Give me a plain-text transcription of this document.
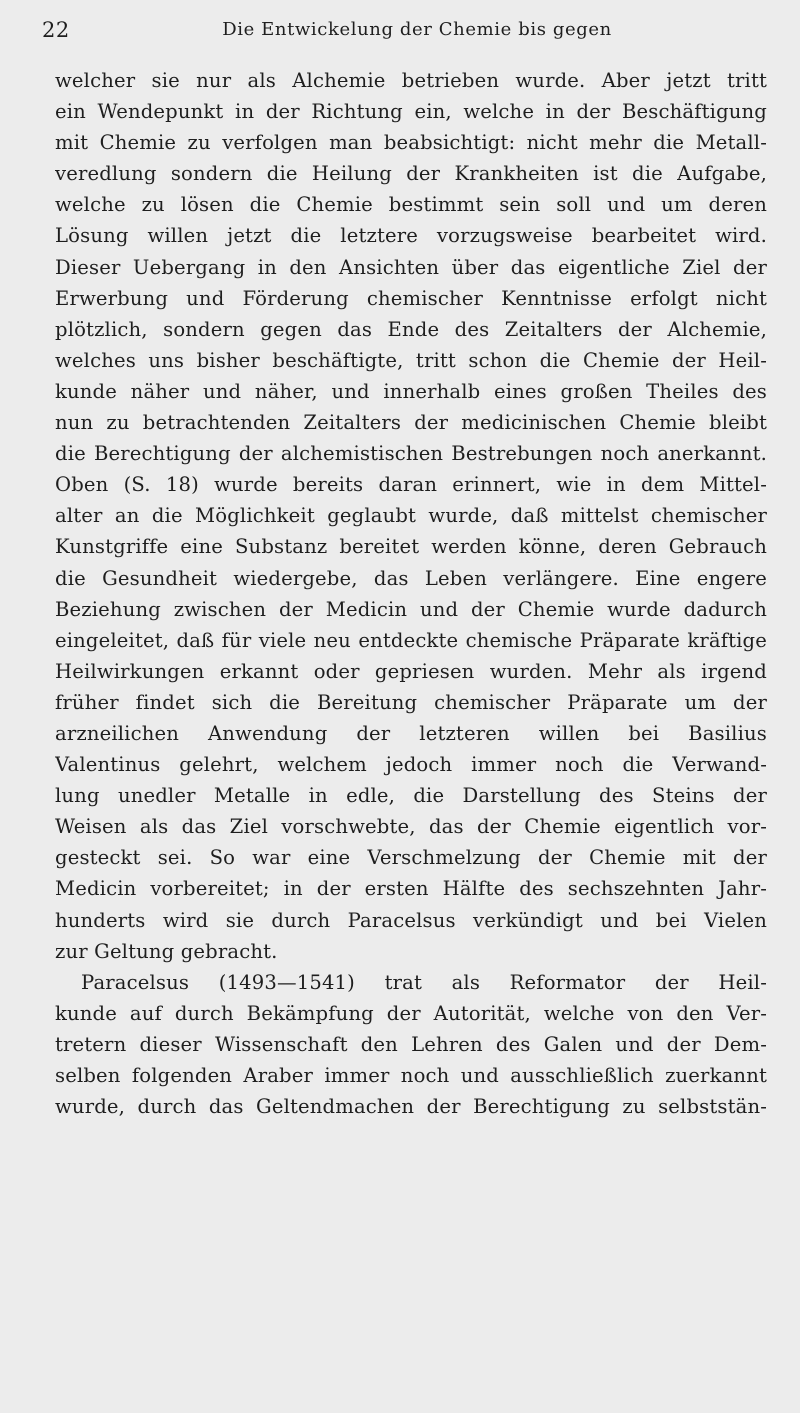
22	Die Entwickelung der Chemie bis gegen
welcher sie nur als Alchemie betrieben wurde. Aber jetzt tritt
ein Wendepunkt in der Richtung ein, welche in der Beschäftigung
mit Chemie zu verfolgen man beabsichtigt: nicht mehr die Metall-
veredlung sondern die Heilung der Krankheiten ist die Aufgabe,
welche zu lösen die Chemie bestimmt sein soll und um deren
Lösung willen jetzt die letztere vorzugsweise bearbeitet wird.
Dieser Uebergang in den Ansichten über das eigentliche Ziel der
Erwerbung und Förderung chemischer Kenntnisse erfolgt nicht
plötzlich, sondern gegen das Ende des Zeitalters der Alchemie,
welches uns bisher beschäftigte, tritt schon die Chemie der Heil-
kunde näher und näher, und innerhalb eines großen Theiles des
nun zu betrachtenden Zeitalters der medicinischen Chemie bleibt
die Berechtigung der alchemistischen Bestrebungen noch anerkannt.
Oben (S. 18) wurde bereits daran erinnert, wie in dem Mittel-
alter an die Möglichkeit geglaubt wurde, daß mittelst chemischer
Kunstgriffe eine Substanz bereitet werden könne, deren Gebrauch
die Gesundheit wiedergebe, das Leben verlängere. Eine engere
Beziehung zwischen der Medicin und der Chemie wurde dadurch
eingeleitet, daß für viele neu entdeckte chemische Präparate kräftige
Heilwirkungen erkannt oder gepriesen wurden. Mehr als irgend
früher findet sich die Bereitung chemischer Präparate um der
arzneilichen Anwendung der letzteren willen bei Basilius
Valentinus gelehrt, welchem jedoch immer noch die Verwand-
lung unedler Metalle in edle, die Darstellung des Steins der
Weisen als das Ziel vorschwebte, das der Chemie eigentlich vor-
gesteckt sei. So war eine Verschmelzung der Chemie mit der
Medicin vorbereitet; in der ersten Hälfte des sechszehnten Jahr-
hunderts wird sie durch Paracelsus verkündigt und bei Vielen
zur Geltung gebracht.
Paracelsus (1493—1541) trat als Reformator der Heil-
kunde auf durch Bekämpfung der Autorität, welche von den Ver-
tretern dieser Wissenschaft den Lehren des Galen und der Dem-
selben folgenden Araber immer noch und ausschließlich zuerkannt
wurde, durch das Geltendmachen der Berechtigung zu selbststän-
